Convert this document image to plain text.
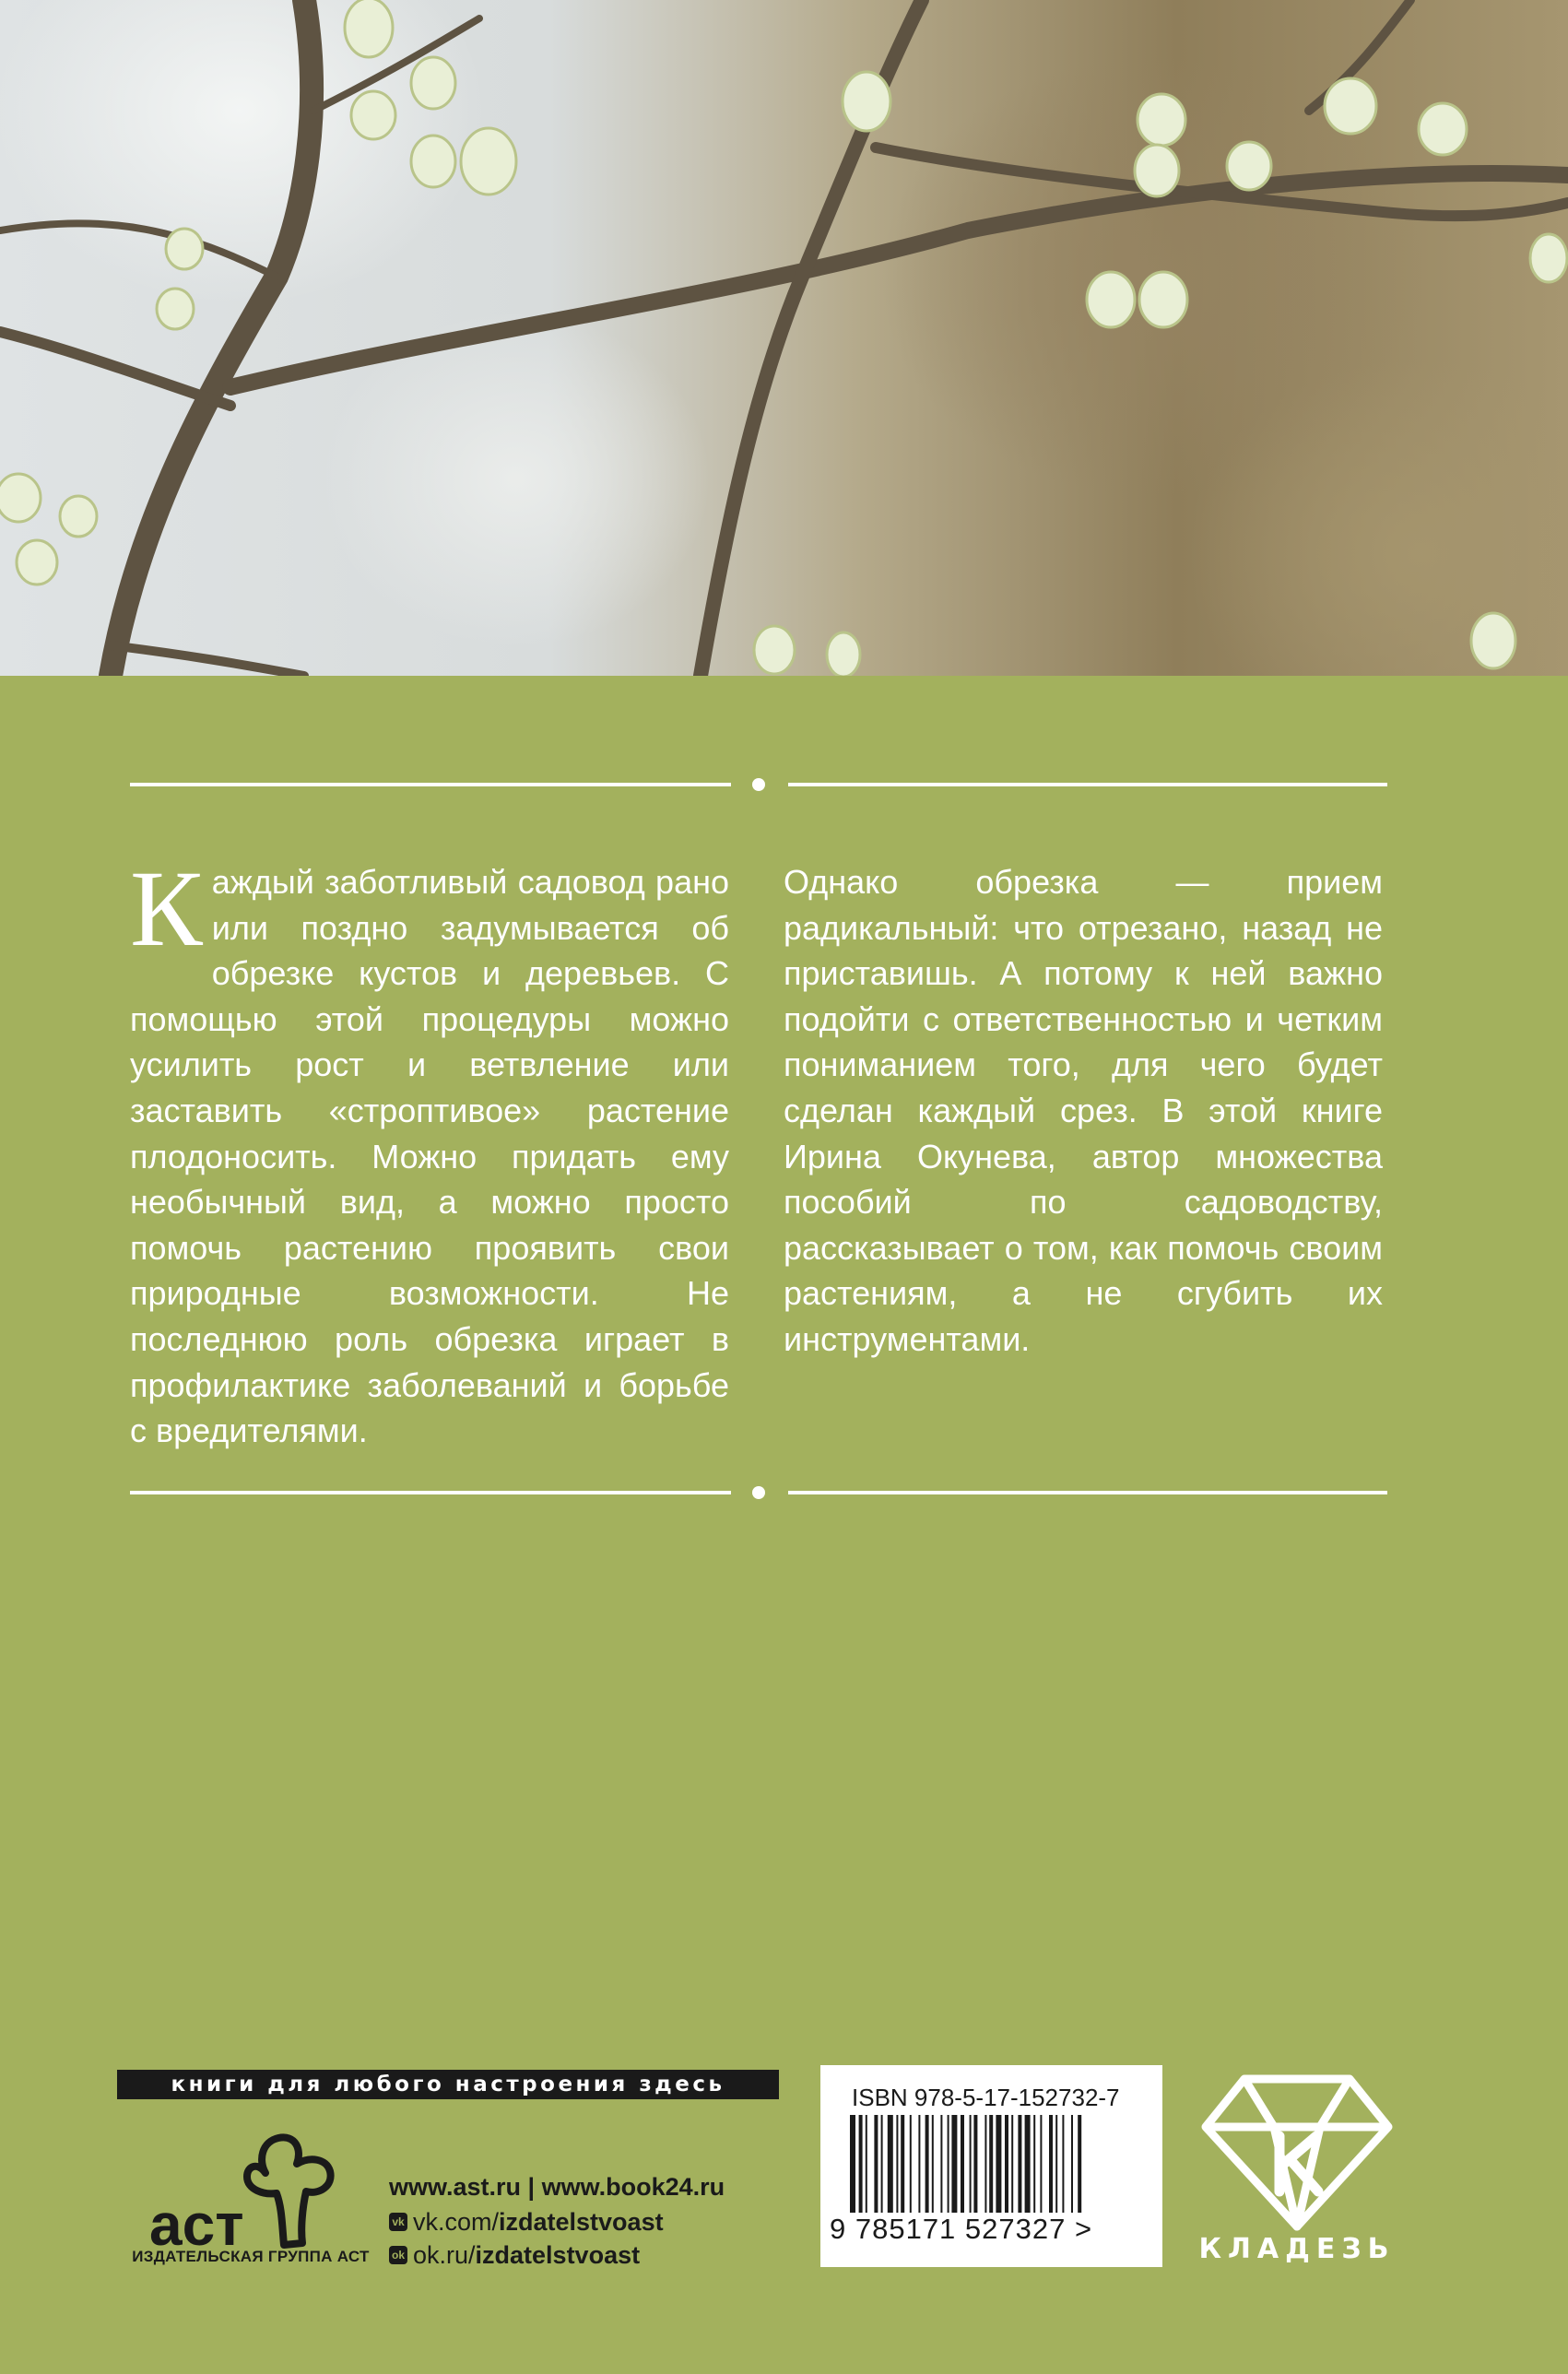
Каждый заботливый садовод рано или поздно задумывается об обрезке кустов и деревьев. С помощью этой процедуры можно усилить рост и ветвление или заставить «строптивое» растение плодоносить. Можно придать ему необычный вид, а можно просто помочь растению проявить свои природные возможности. Не последнюю роль обрезка играет в профилактике заболеваний и борьбе с вредителями.
Однако обрезка — прием радикальный: что отрезано, назад не приставишь. А потому к ней важно подойти с ответственностью и четким пониманием того, для чего будет сделан каждый срез. В этой книге Ирина Окунева, автор множества пособий по садоводству, рассказывает о том, как помочь своим растениям, а не сгубить их инструментами.
книги для любого настроения здесь
аст
ИЗДАТЕЛЬСКАЯ ГРУППА АСТ
www.ast.ru | www.book24.ru
vk vk.com/ izdatelstvoast
ok ok.ru/ izdatelstvoast
ISBN 978-5-17-152732-7
9 785171 527327 >
КЛАДЕЗЬ
